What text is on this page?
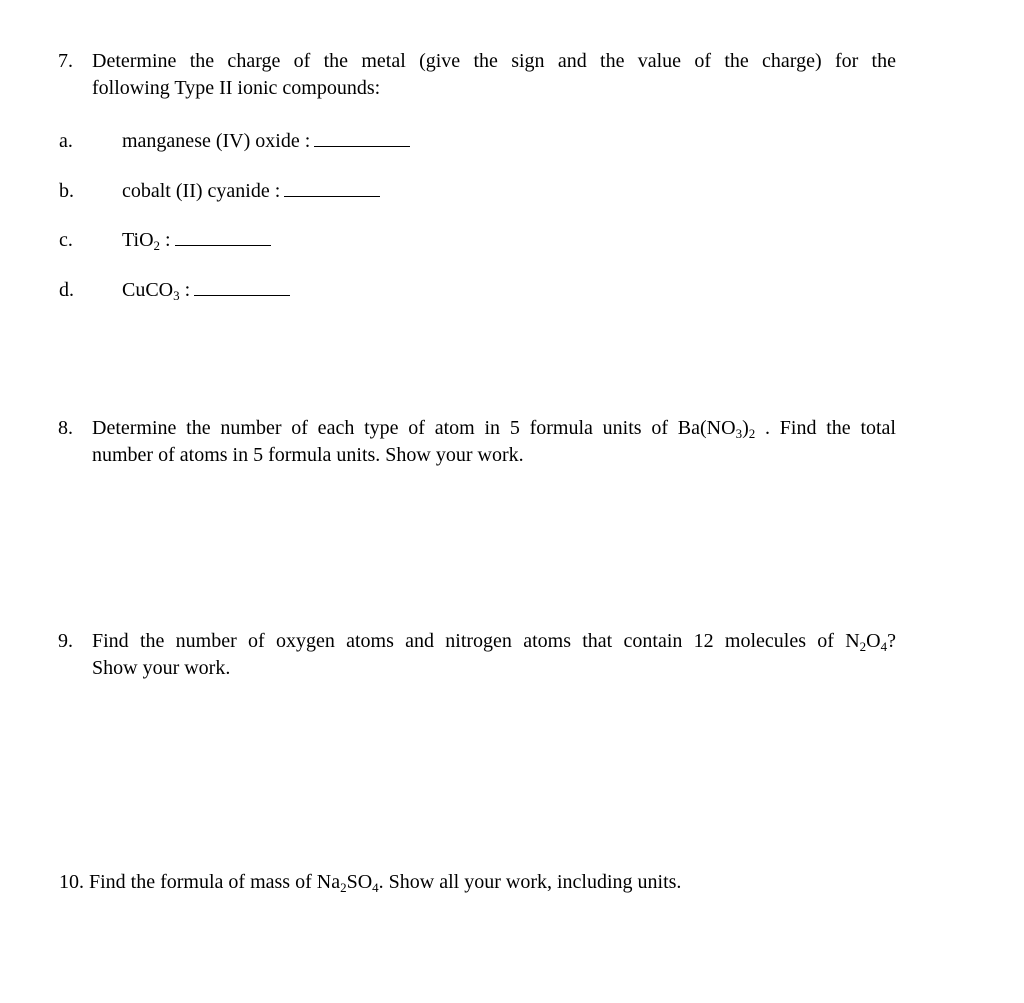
7. Determine the charge of the metal (give the sign and the value of the charge) for the
following Type II ionic compounds:
a. manganese (IV) oxide :
b. cobalt (II) cyanide :
c. TiO$_2$ :
d. CuCO$_3$ :
8. Determine the number of each type of atom in 5 formula units of $Ba(NO_3)_2$ . Find the total
number of atoms in 5 formula units. Show your work.
9. Find the number of oxygen atoms and nitrogen atoms that contain 12 molecules of $N_2O_4$?
Show your work.
10. Find the formula of mass of $Na_2SO_4$. Show all your work, including units.
